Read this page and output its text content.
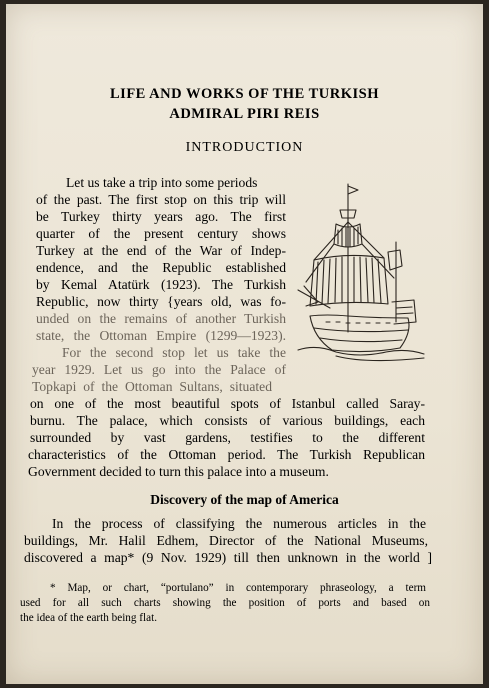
LIFE AND WORKS OF THE TURKISH
ADMIRAL PIRI REIS
INTRODUCTION
Let us take a trip into some periods
of the past. The first stop on this trip will
be Turkey thirty years ago. The first
quarter of the present century shows
Turkey at the end of the War of Indep-
endence, and the Republic established
by Kemal Atatürk (1923). The Turkish
Republic, now thirty {years old, was fo-
unded on the remains of another Turkish
state, the Ottoman Empire (1299—1923).
For the second stop let us take the
year 1929. Let us go into the Palace of
Topkapi of the Ottoman Sultans, situated
on one of the most beautiful spots of Istanbul called Saray-
burnu. The palace, which consists of various buildings, each
surrounded by vast gardens, testifies to the different
characteristics of the Ottoman period. The Turkish Republican
Government decided to turn this palace into a museum.
Discovery of the map of America
In the process of classifying the numerous articles in the
buildings, Mr. Halil Edhem, Director of the National Museums,
discovered a map* (9 Nov. 1929) till then unknown in the world ]
* Map, or chart, “portulano” in contemporary phraseology, a term
used for all such charts showing the position of ports and based on
the idea of the earth being flat.
